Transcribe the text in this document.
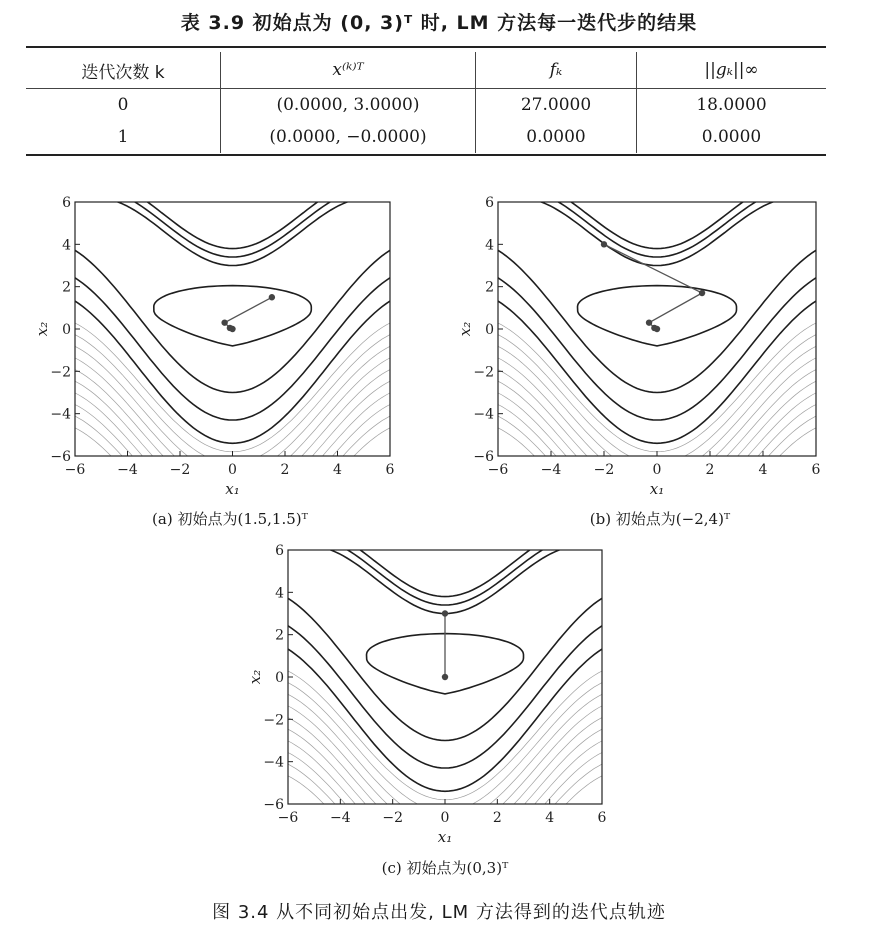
表 3.9 初始点为 (0, 3)ᵀ 时, LM 方法每一迭代步的结果
迭代次数 k	x⁽ᵏ⁾ᵀ	fₖ	||gₖ||∞
0	(0.0000, 3.0000)	27.0000	18.0000
1	(0.0000, −0.0000)	0.0000	0.0000
−6 −4 −2	0	2	4	6
−6
−4
−2
0
2
4
6
x₁
x₂
−6 −4 −2	0	2	4	6
−6
−4
−2
0
2
4
6
x₁
x₂
−6 −4 −2	0	2	4	6
−6
−4
−2
0
2
4
6
x₁
x₂
(a) 初始点为(1.5,1.5)ᵀ	(b) 初始点为(−2,4)ᵀ
(c) 初始点为(0,3)ᵀ
图 3.4 从不同初始点出发, LM 方法得到的迭代点轨迹
